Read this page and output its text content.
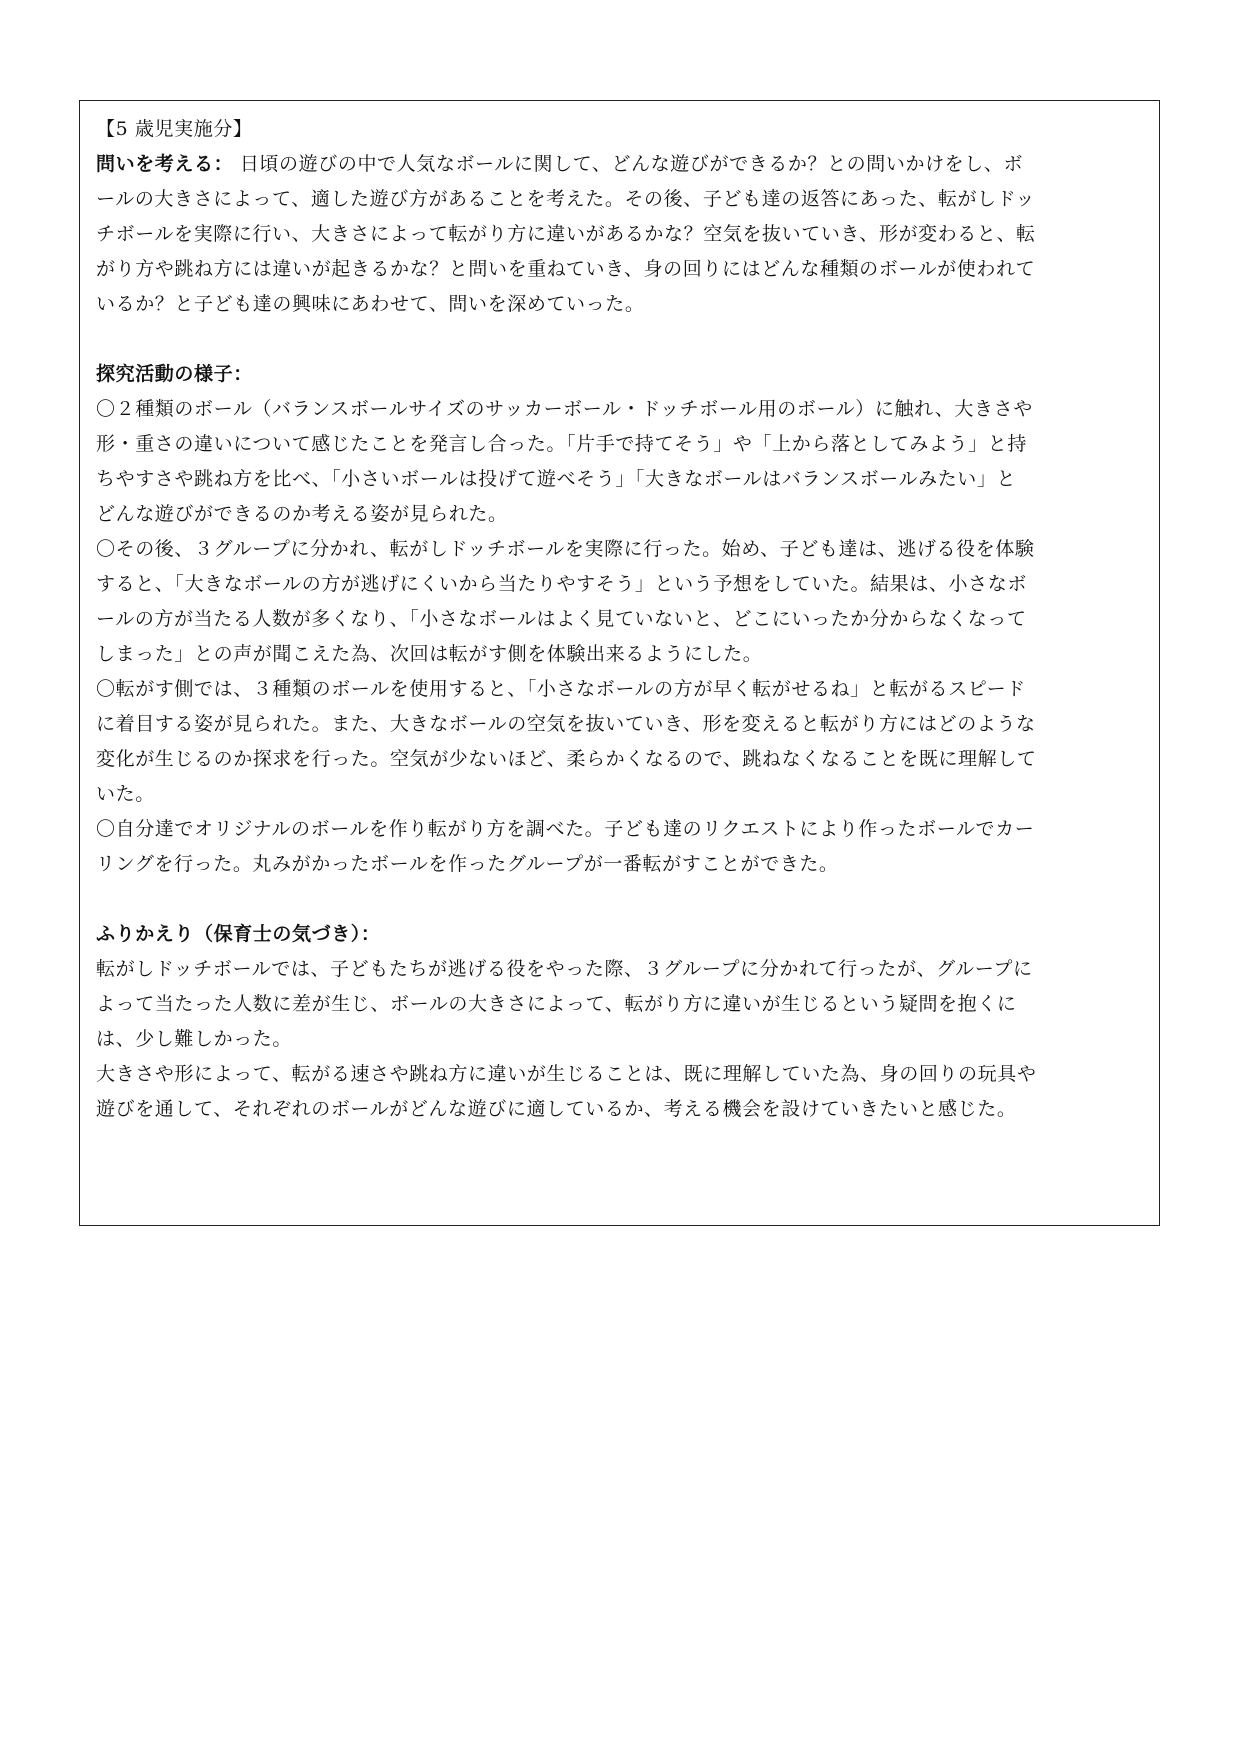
【5 歳児実施分】
問いを考える： 日頃の遊びの中で人気なボールに関して、どんな遊びができるか？との問いかけをし、ボ
ールの大きさによって、適した遊び方があることを考えた。その後、子ども達の返答にあった、転がしドッ
チボールを実際に行い、大きさによって転がり方に違いがあるかな？空気を抜いていき、形が変わると、転
がり方や跳ね方には違いが起きるかな？と問いを重ねていき、身の回りにはどんな種類のボールが使われて
いるか？と子ども達の興味にあわせて、問いを深めていった。
探究活動の様子：
〇２種類のボール（バランスボールサイズのサッカーボール・ドッチボール用のボール）に触れ、大きさや
形・重さの違いについて感じたことを発言し合った。「片手で持てそう」や「上から落としてみよう」と持
ちやすさや跳ね方を比べ、「小さいボールは投げて遊べそう」「大きなボールはバランスボールみたい」と
どんな遊びができるのか考える姿が見られた。
〇その後、３グループに分かれ、転がしドッチボールを実際に行った。始め、子ども達は、逃げる役を体験
すると、「大きなボールの方が逃げにくいから当たりやすそう」という予想をしていた。結果は、小さなボ
ールの方が当たる人数が多くなり、「小さなボールはよく見ていないと、どこにいったか分からなくなって
しまった」との声が聞こえた為、次回は転がす側を体験出来るようにした。
〇転がす側では、３種類のボールを使用すると、「小さなボールの方が早く転がせるね」と転がるスピード
に着目する姿が見られた。また、大きなボールの空気を抜いていき、形を変えると転がり方にはどのような
変化が生じるのか探求を行った。空気が少ないほど、柔らかくなるので、跳ねなくなることを既に理解して
いた。
〇自分達でオリジナルのボールを作り転がり方を調べた。子ども達のリクエストにより作ったボールでカー
リングを行った。丸みがかったボールを作ったグループが一番転がすことができた。
ふりかえり（保育士の気づき）：
転がしドッチボールでは、子どもたちが逃げる役をやった際、３グループに分かれて行ったが、グループに
よって当たった人数に差が生じ、ボールの大きさによって、転がり方に違いが生じるという疑問を抱くに
は、少し難しかった。
大きさや形によって、転がる速さや跳ね方に違いが生じることは、既に理解していた為、身の回りの玩具や
遊びを通して、それぞれのボールがどんな遊びに適しているか、考える機会を設けていきたいと感じた。
